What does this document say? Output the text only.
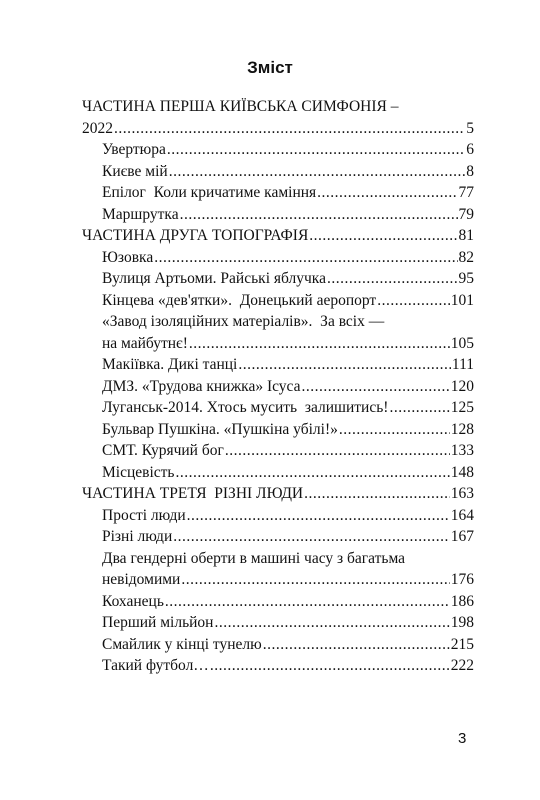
Зміст
ЧАСТИНА ПЕРША КИЇВСЬКА СИМФОНІЯ –
2022 .....	5
Увертюра .....	6
Києве мій .....	8
Епілог  Коли кричатиме каміння .....	77
Маршрутка .....	79
ЧАСТИНА ДРУГА ТОПОГРАФІЯ .....	81
Юзовка .....	82
Вулиця Артьоми. Райські яблучка .....	95
Кінцева «дев'ятки».  Донецький аеропорт .....	101
«Завод ізоляційних матеріалів».  За всіх —
на майбутнє! .....	105
Макіївка. Дикі танці .....	111
ДМЗ. «Трудова книжка» Ісуса .....	120
Луганськ-2014. Хтось мусить  залишитись! .....	125
Бульвар Пушкіна. «Пушкіна убілі!» .....	128
СМТ. Курячий бог .....	133
Місцевість .....	148
ЧАСТИНА ТРЕТЯ  РІЗНІ ЛЮДИ .....	163
Прості люди .....	164
Різні люди .....	167
Два гендерні оберти в машині часу з багатьма
невідомими .....	176
Коханець .....	186
Перший мільйон .....	198
Смайлик у кінці тунелю .....	215
Такий футбол… .....	222
3
